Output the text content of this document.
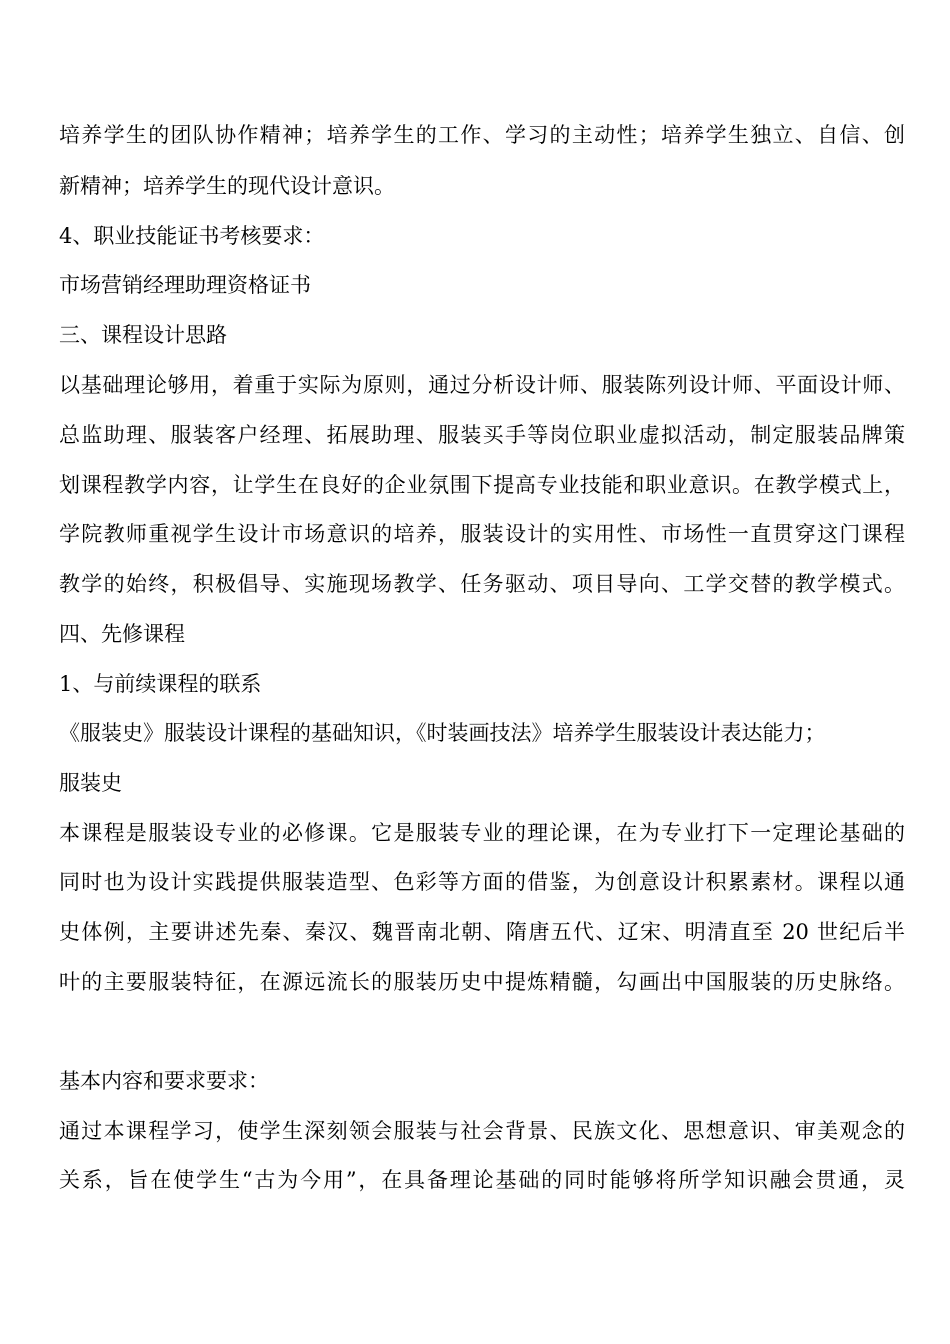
培养学生的团队协作精神；培养学生的工作、学习的主动性；培养学生独立、自信、创
新精神；培养学生的现代设计意识。
4、职业技能证书考核要求：
市场营销经理助理资格证书
三、课程设计思路
以基础理论够用，着重于实际为原则，通过分析设计师、服装陈列设计师、平面设计师、
总监助理、服装客户经理、拓展助理、服装买手等岗位职业虚拟活动，制定服装品牌策
划课程教学内容，让学生在良好的企业氛围下提高专业技能和职业意识。在教学模式上，
学院教师重视学生设计市场意识的培养，服装设计的实用性、市场性一直贯穿这门课程
教学的始终，积极倡导、实施现场教学、任务驱动、项目导向、工学交替的教学模式。
四、先修课程
1、与前续课程的联系
《服装史》服装设计课程的基础知识，《时装画技法》培养学生服装设计表达能力；
服装史
本课程是服装设专业的必修课。它是服装专业的理论课，在为专业打下一定理论基础的
同时也为设计实践提供服装造型、色彩等方面的借鉴，为创意设计积累素材。课程以通
史体例，主要讲述先秦、秦汉、魏晋南北朝、隋唐五代、辽宋、明清直至 20 世纪后半
叶的主要服装特征，在源远流长的服装历史中提炼精髓，勾画出中国服装的历史脉络。
基本内容和要求要求：
通过本课程学习，使学生深刻领会服装与社会背景、民族文化、思想意识、审美观念的
关系，旨在使学生“古为今用”，在具备理论基础的同时能够将所学知识融会贯通，灵
